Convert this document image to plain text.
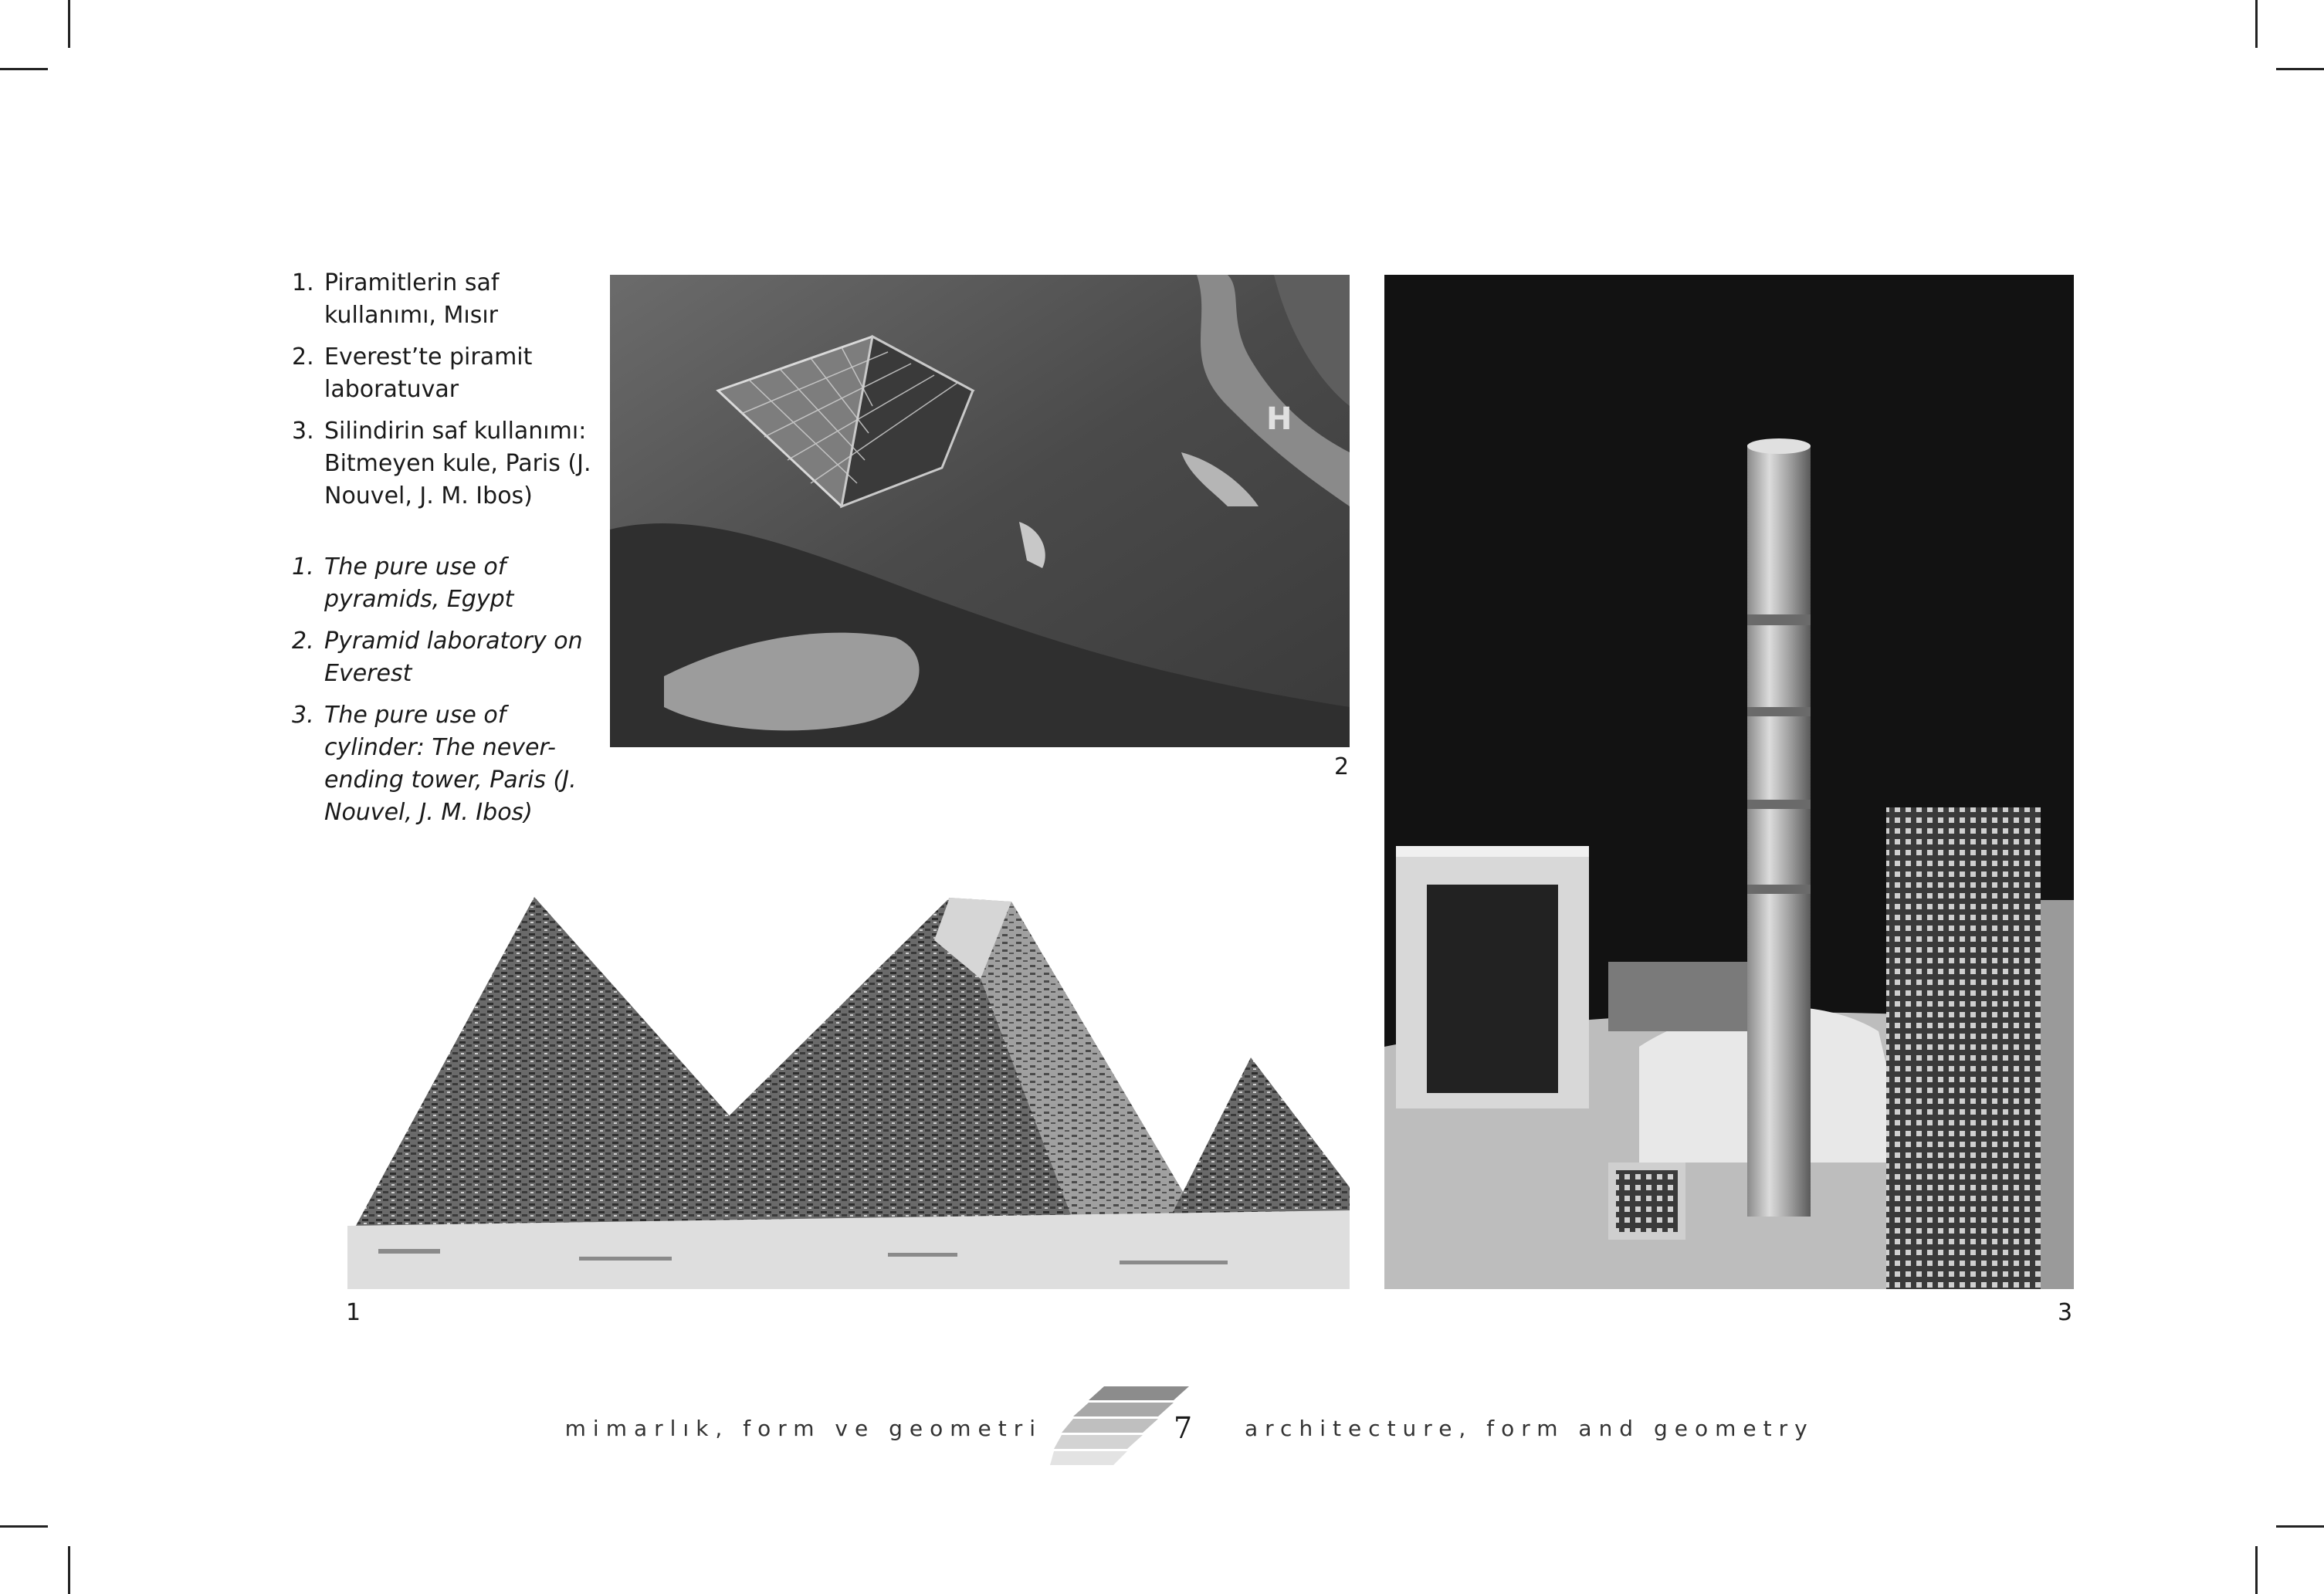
1. Piramitlerin saf kullanımı, Mısır
2. Everest’te piramit laboratuvar
3. Silindirin saf kullanımı: Bitmeyen kule, Paris (J. Nouvel, J. M. Ibos)
1. The pure use of pyramids, Egypt
2. Pyramid laboratory on Everest
3. The pure use of cylinder: The never-ending tower, Paris (J. Nouvel, J. M. Ibos)
H
2
3
1
mimarlık, form ve geometri	7 architecture, form and geometry
